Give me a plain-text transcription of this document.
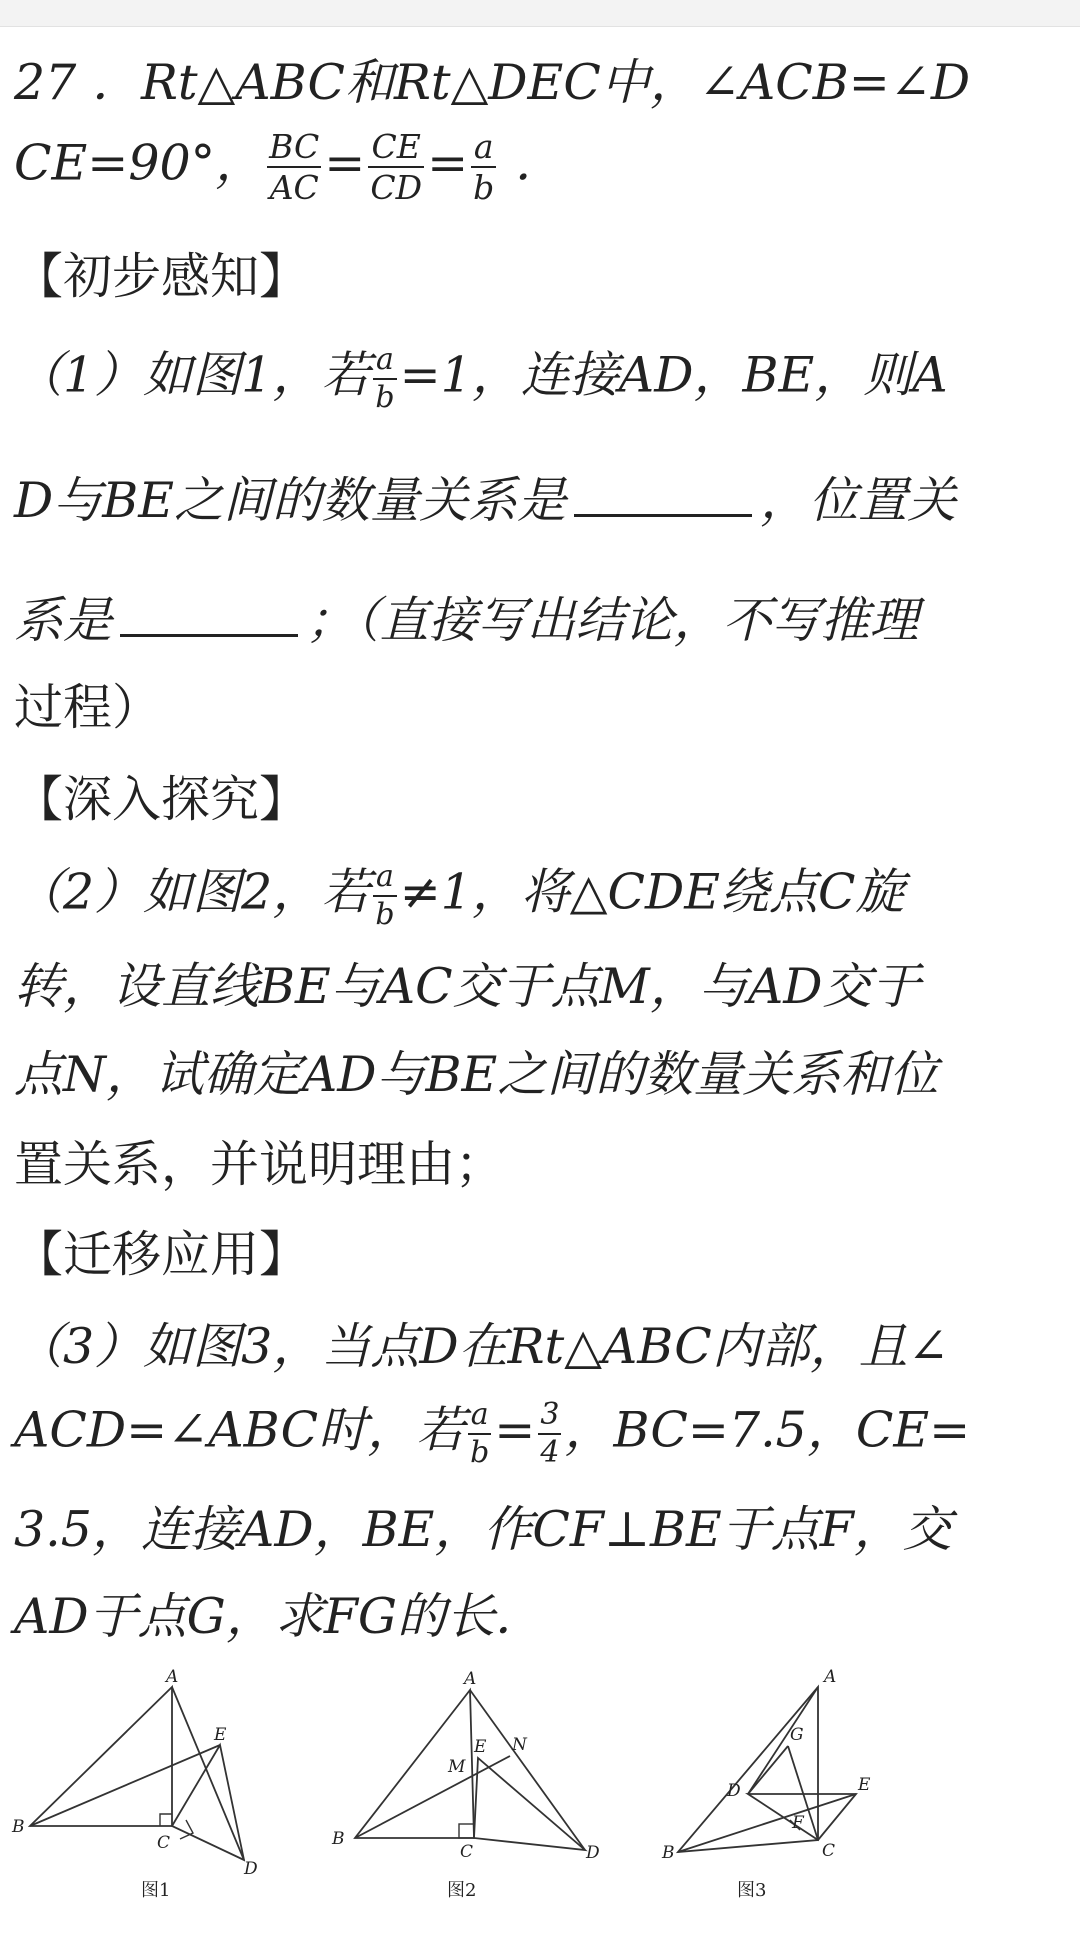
27 ．Rt△ABC和Rt△DEC中，∠ACB=∠D
CE=90°， $\frac{BC}{AC} = \frac{CE}{CD} = \frac{a}{b}$ ．
【初步感知】
（1）如图1，若 $\frac{a}{b} =1$，连接AD，BE，则A
D与BE之间的数量关系是	，位置关
系是	；（直接写出结论，不写推理
过程）
【深入探究】
（2）如图2，若 $\frac{a}{b} \ne 1$，将△CDE绕点C旋
转，设直线BE与AC交于点M，与AD交于
点N，试确定AD与BE之间的数量关系和位
置关系，并说明理由；
【迁移应用】
（3）如图3，当点D在Rt△ABC内部，且∠
ACD=∠ABC时，若 $\frac{a}{b} = \frac{3}{4}$ ，BC=7.5，CE=
3.5，连接AD，BE，作CF⊥BE于点F，交
AD于点G，求FG的长．
A
B
C
D
E
A
B
C	D
E
M
N
A
B	C
D	E
F
G
图1	图2	图3
